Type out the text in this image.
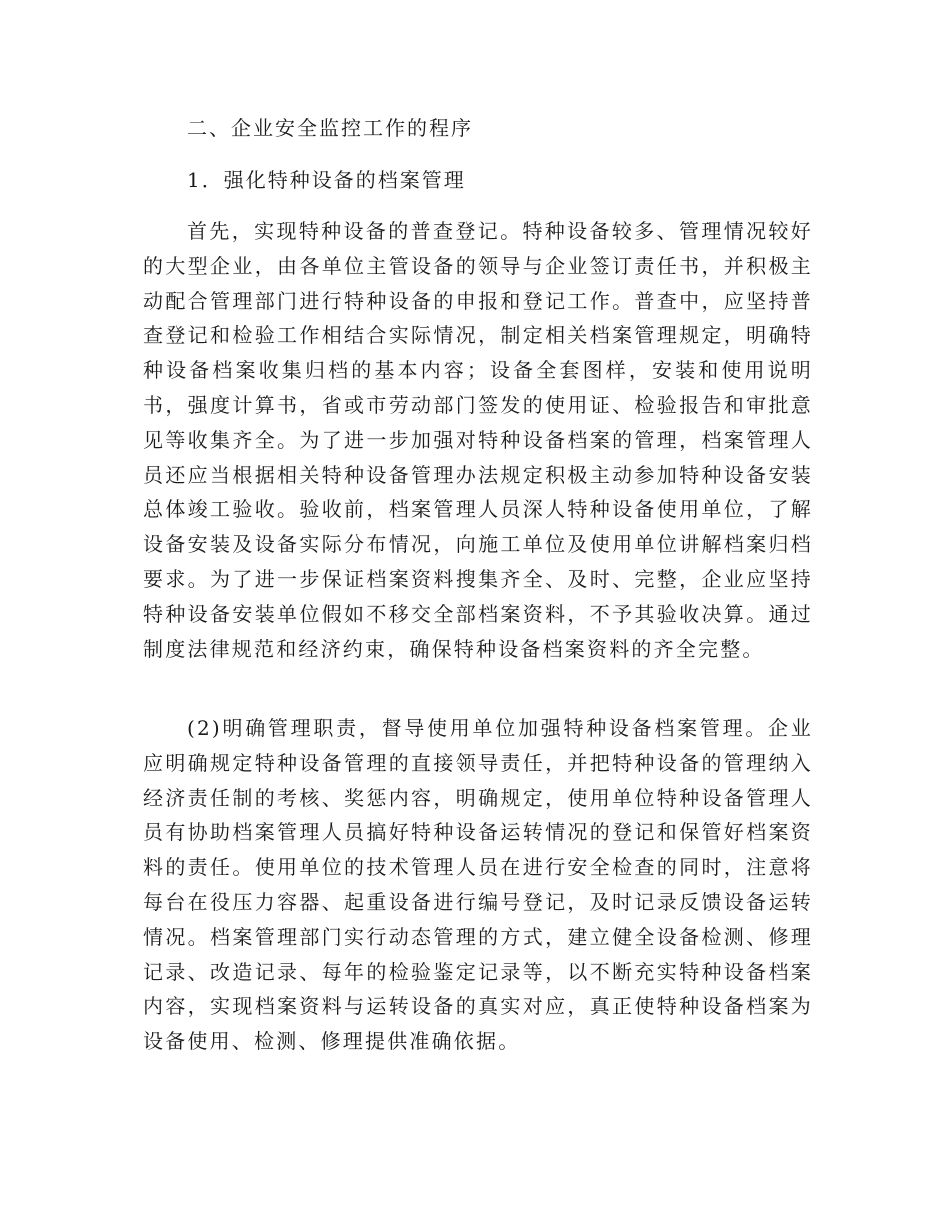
二、企业安全监控工作的程序
1．强化特种设备的档案管理

首先，实现特种设备的普查登记。特种设备较多、管理情况较好的大型企业，由各单位主管设备的领导与企业签订责任书，并积极主动配合管理部门进行特种设备的申报和登记工作。普查中，应坚持普查登记和检验工作相结合实际情况，制定相关档案管理规定，明确特种设备档案收集归档的基本内容；设备全套图样，安装和使用说明书，强度计算书，省或市劳动部门签发的使用证、检验报告和审批意见等收集齐全。为了进一步加强对特种设备档案的管理，档案管理人员还应当根据相关特种设备管理办法规定积极主动参加特种设备安装总体竣工验收。验收前，档案管理人员深人特种设备使用单位，了解设备安装及设备实际分布情况，向施工单位及使用单位讲解档案归档要求。为了进一步保证档案资料搜集齐全、及时、完整，企业应坚持特种设备安装单位假如不移交全部档案资料，不予其验收决算。通过制度法律规范和经济约束，确保特种设备档案资料的齐全完整。

(2)明确管理职责，督导使用单位加强特种设备档案管理。企业应明确规定特种设备管理的直接领导责任，并把特种设备的管理纳入经济责任制的考核、奖惩内容，明确规定，使用单位特种设备管理人员有协助档案管理人员搞好特种设备运转情况的登记和保管好档案资料的责任。使用单位的技术管理人员在进行安全检查的同时，注意将每台在役压力容器、起重设备进行编号登记，及时记录反馈设备运转情况。档案管理部门实行动态管理的方式，建立健全设备检测、修理记录、改造记录、每年的检验鉴定记录等，以不断充实特种设备档案内容，实现档案资料与运转设备的真实对应，真正使特种设备档案为设备使用、检测、修理提供准确依据。
